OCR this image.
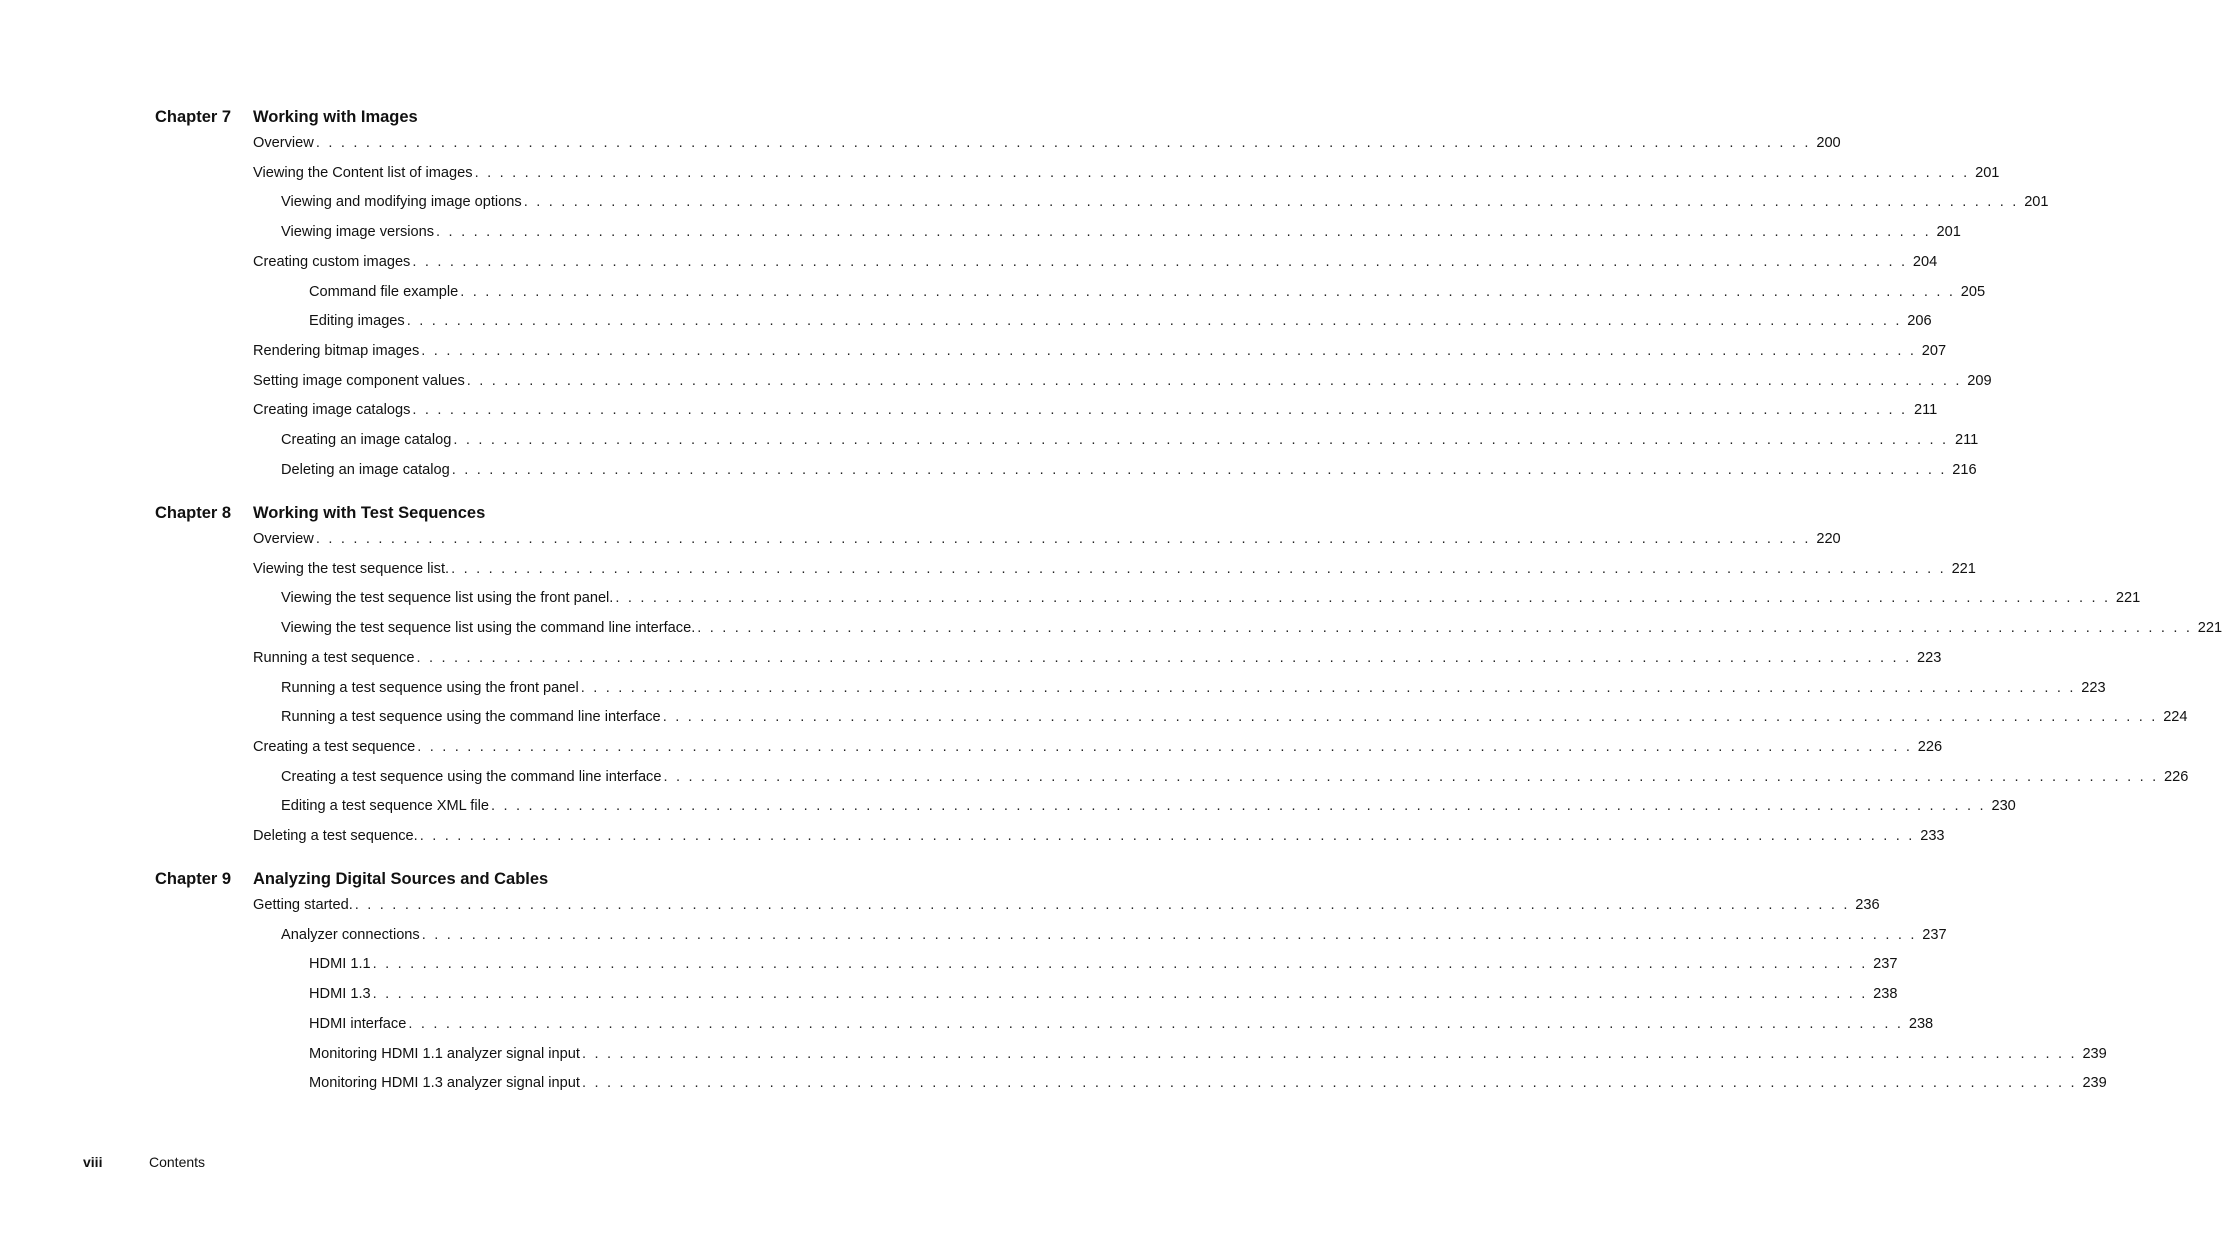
Chapter 7 Working with Images
Overview . . . . . . . . . . . . . . . . . . . . . . . . . . . . . . . . . . . . . . . . . . . . . . . . . . . . . . . . . . . . . . . . . . . . . . . . . . . . . . . . . . . . . . . . . . . . . . . . . . . . . . . . . . . . . . . . . . . . . . . . 200
Viewing the Content list of images . . . . . . . . . . . . . . . . . . . . . . . . . . . . . . . . . . . . . . . . . . . . . . . . . . . . . . . . . . . . . . . . . . . . . . . . . . . . . . . . . . . . . . . . . . . . . . . . . . . . . . . . . . . . . . . . . . . . . . . . 201
Viewing and modifying image options . . . . . . . . . . . . . . . . . . . . . . . . . . . . . . . . . . . . . . . . . . . . . . . . . . . . . . . . . . . . . . . . . . . . . . . . . . . . . . . . . . . . . . . . . . . . . . . . . . . . . . . . . . . . . . . . . . . . . . . . 201
Viewing image versions . . . . . . . . . . . . . . . . . . . . . . . . . . . . . . . . . . . . . . . . . . . . . . . . . . . . . . . . . . . . . . . . . . . . . . . . . . . . . . . . . . . . . . . . . . . . . . . . . . . . . . . . . . . . . . . . . . . . . . . . 201
Creating custom images . . . . . . . . . . . . . . . . . . . . . . . . . . . . . . . . . . . . . . . . . . . . . . . . . . . . . . . . . . . . . . . . . . . . . . . . . . . . . . . . . . . . . . . . . . . . . . . . . . . . . . . . . . . . . . . . . . . . . . . . 204
Command file example . . . . . . . . . . . . . . . . . . . . . . . . . . . . . . . . . . . . . . . . . . . . . . . . . . . . . . . . . . . . . . . . . . . . . . . . . . . . . . . . . . . . . . . . . . . . . . . . . . . . . . . . . . . . . . . . . . . . . . . . 205
Editing images . . . . . . . . . . . . . . . . . . . . . . . . . . . . . . . . . . . . . . . . . . . . . . . . . . . . . . . . . . . . . . . . . . . . . . . . . . . . . . . . . . . . . . . . . . . . . . . . . . . . . . . . . . . . . . . . . . . . . . . . 206
Rendering bitmap images . . . . . . . . . . . . . . . . . . . . . . . . . . . . . . . . . . . . . . . . . . . . . . . . . . . . . . . . . . . . . . . . . . . . . . . . . . . . . . . . . . . . . . . . . . . . . . . . . . . . . . . . . . . . . . . . . . . . . . . . 207
Setting image component values . . . . . . . . . . . . . . . . . . . . . . . . . . . . . . . . . . . . . . . . . . . . . . . . . . . . . . . . . . . . . . . . . . . . . . . . . . . . . . . . . . . . . . . . . . . . . . . . . . . . . . . . . . . . . . . . . . . . . . . . 209
Creating image catalogs . . . . . . . . . . . . . . . . . . . . . . . . . . . . . . . . . . . . . . . . . . . . . . . . . . . . . . . . . . . . . . . . . . . . . . . . . . . . . . . . . . . . . . . . . . . . . . . . . . . . . . . . . . . . . . . . . . . . . . . . 211
Creating an image catalog . . . . . . . . . . . . . . . . . . . . . . . . . . . . . . . . . . . . . . . . . . . . . . . . . . . . . . . . . . . . . . . . . . . . . . . . . . . . . . . . . . . . . . . . . . . . . . . . . . . . . . . . . . . . . . . . . . . . . . . . 211
Deleting an image catalog . . . . . . . . . . . . . . . . . . . . . . . . . . . . . . . . . . . . . . . . . . . . . . . . . . . . . . . . . . . . . . . . . . . . . . . . . . . . . . . . . . . . . . . . . . . . . . . . . . . . . . . . . . . . . . . . . . . . . . . . 216
Chapter 8 Working with Test Sequences
Overview . . . . . . . . . . . . . . . . . . . . . . . . . . . . . . . . . . . . . . . . . . . . . . . . . . . . . . . . . . . . . . . . . . . . . . . . . . . . . . . . . . . . . . . . . . . . . . . . . . . . . . . . . . . . . . . . . . . . . . . . 220
Viewing the test sequence list. . . . . . . . . . . . . . . . . . . . . . . . . . . . . . . . . . . . . . . . . . . . . . . . . . . . . . . . . . . . . . . . . . . . . . . . . . . . . . . . . . . . . . . . . . . . . . . . . . . . . . . . . . . . . . . . . . . . . . . . . 221
Viewing the test sequence list using the front panel. . . . . . . . . . . . . . . . . . . . . . . . . . . . . . . . . . . . . . . . . . . . . . . . . . . . . . . . . . . . . . . . . . . . . . . . . . . . . . . . . . . . . . . . . . . . . . . . . . . . . . . . . . . . . . . . . . . . . . . . . 221
Viewing the test sequence list using the command line interface. . . . . . . . . . . . . . . . . . . . . . . . . . . . . . . . . . . . . . . . . . . . . . . . . . . . . . . . . . . . . . . . . . . . . . . . . . . . . . . . . . . . . . . . . . . . . . . . . . . . . . . . . . . . . . . . . . . . . . . . . 221
Running a test sequence . . . . . . . . . . . . . . . . . . . . . . . . . . . . . . . . . . . . . . . . . . . . . . . . . . . . . . . . . . . . . . . . . . . . . . . . . . . . . . . . . . . . . . . . . . . . . . . . . . . . . . . . . . . . . . . . . . . . . . . . 223
Running a test sequence using the front panel . . . . . . . . . . . . . . . . . . . . . . . . . . . . . . . . . . . . . . . . . . . . . . . . . . . . . . . . . . . . . . . . . . . . . . . . . . . . . . . . . . . . . . . . . . . . . . . . . . . . . . . . . . . . . . . . . . . . . . . . 223
Running a test sequence using the command line interface . . . . . . . . . . . . . . . . . . . . . . . . . . . . . . . . . . . . . . . . . . . . . . . . . . . . . . . . . . . . . . . . . . . . . . . . . . . . . . . . . . . . . . . . . . . . . . . . . . . . . . . . . . . . . . . . . . . . . . . . 224
Creating a test sequence . . . . . . . . . . . . . . . . . . . . . . . . . . . . . . . . . . . . . . . . . . . . . . . . . . . . . . . . . . . . . . . . . . . . . . . . . . . . . . . . . . . . . . . . . . . . . . . . . . . . . . . . . . . . . . . . . . . . . . . . 226
Creating a test sequence using the command line interface . . . . . . . . . . . . . . . . . . . . . . . . . . . . . . . . . . . . . . . . . . . . . . . . . . . . . . . . . . . . . . . . . . . . . . . . . . . . . . . . . . . . . . . . . . . . . . . . . . . . . . . . . . . . . . . . . . . . . . . . 226
Editing a test sequence XML file . . . . . . . . . . . . . . . . . . . . . . . . . . . . . . . . . . . . . . . . . . . . . . . . . . . . . . . . . . . . . . . . . . . . . . . . . . . . . . . . . . . . . . . . . . . . . . . . . . . . . . . . . . . . . . . . . . . . . . . . 230
Deleting a test sequence. . . . . . . . . . . . . . . . . . . . . . . . . . . . . . . . . . . . . . . . . . . . . . . . . . . . . . . . . . . . . . . . . . . . . . . . . . . . . . . . . . . . . . . . . . . . . . . . . . . . . . . . . . . . . . . . . . . . . . . . . 233
Chapter 9 Analyzing Digital Sources and Cables
Getting started. . . . . . . . . . . . . . . . . . . . . . . . . . . . . . . . . . . . . . . . . . . . . . . . . . . . . . . . . . . . . . . . . . . . . . . . . . . . . . . . . . . . . . . . . . . . . . . . . . . . . . . . . . . . . . . . . . . . . . . . . 236
Analyzer connections . . . . . . . . . . . . . . . . . . . . . . . . . . . . . . . . . . . . . . . . . . . . . . . . . . . . . . . . . . . . . . . . . . . . . . . . . . . . . . . . . . . . . . . . . . . . . . . . . . . . . . . . . . . . . . . . . . . . . . . . 237
HDMI 1.1 . . . . . . . . . . . . . . . . . . . . . . . . . . . . . . . . . . . . . . . . . . . . . . . . . . . . . . . . . . . . . . . . . . . . . . . . . . . . . . . . . . . . . . . . . . . . . . . . . . . . . . . . . . . . . . . . . . . . . . . . 237
HDMI 1.3 . . . . . . . . . . . . . . . . . . . . . . . . . . . . . . . . . . . . . . . . . . . . . . . . . . . . . . . . . . . . . . . . . . . . . . . . . . . . . . . . . . . . . . . . . . . . . . . . . . . . . . . . . . . . . . . . . . . . . . . . 238
HDMI interface . . . . . . . . . . . . . . . . . . . . . . . . . . . . . . . . . . . . . . . . . . . . . . . . . . . . . . . . . . . . . . . . . . . . . . . . . . . . . . . . . . . . . . . . . . . . . . . . . . . . . . . . . . . . . . . . . . . . . . . . 238
Monitoring HDMI 1.1 analyzer signal input . . . . . . . . . . . . . . . . . . . . . . . . . . . . . . . . . . . . . . . . . . . . . . . . . . . . . . . . . . . . . . . . . . . . . . . . . . . . . . . . . . . . . . . . . . . . . . . . . . . . . . . . . . . . . . . . . . . . . . . . 239
Monitoring HDMI 1.3 analyzer signal input . . . . . . . . . . . . . . . . . . . . . . . . . . . . . . . . . . . . . . . . . . . . . . . . . . . . . . . . . . . . . . . . . . . . . . . . . . . . . . . . . . . . . . . . . . . . . . . . . . . . . . . . . . . . . . . . . . . . . . . . 239
viii	Contents
